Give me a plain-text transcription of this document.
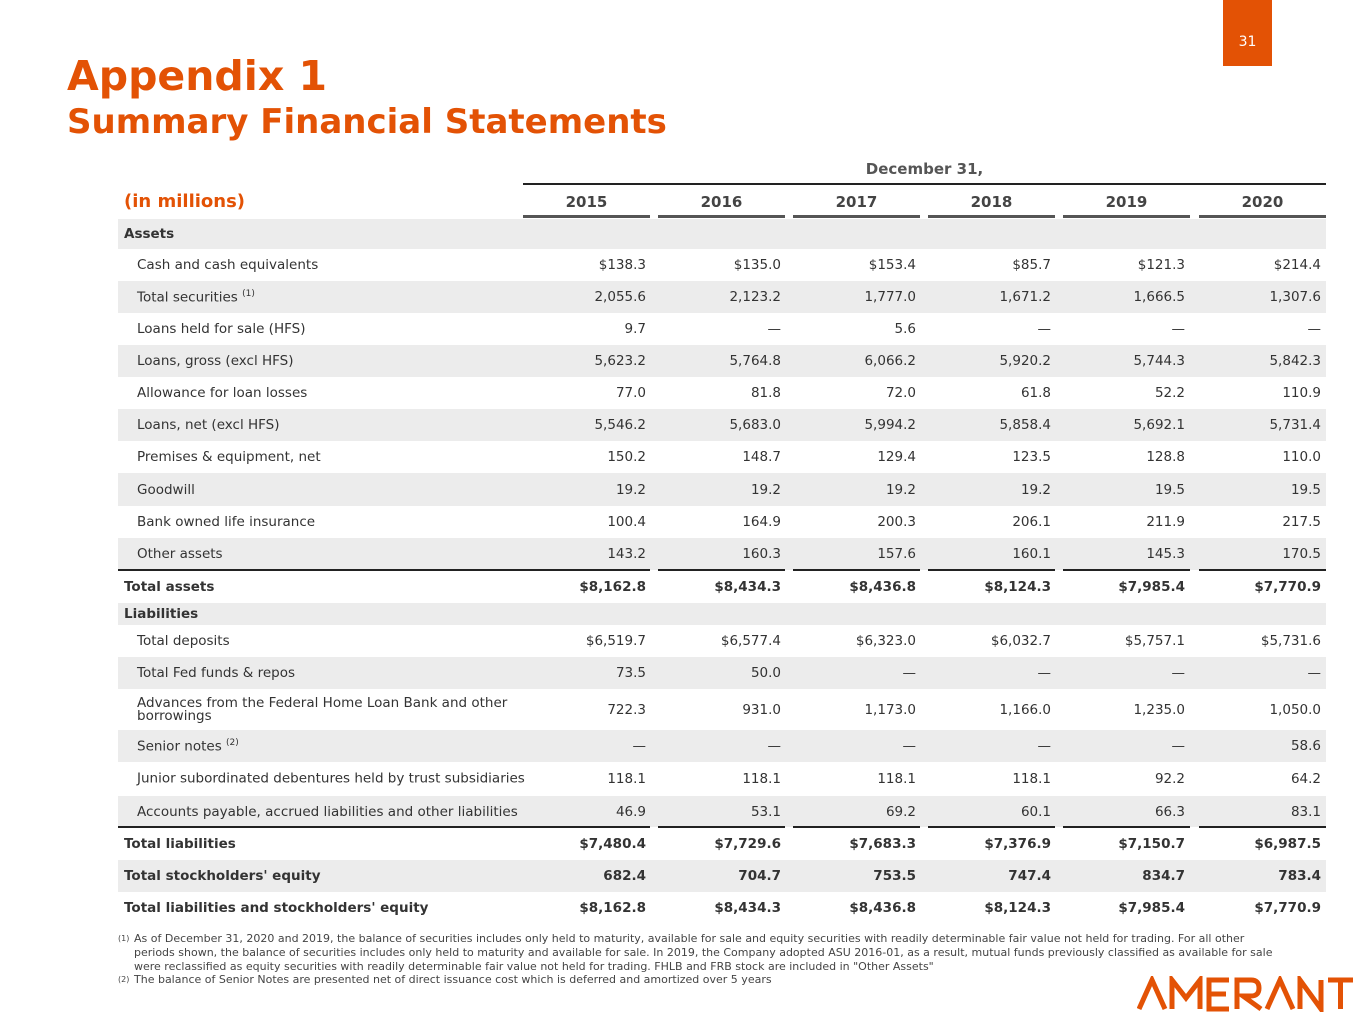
31
Appendix 1
Summary Financial Statements
December 31,
(in millions)	2015	2016	2017	2018	2019	2020
Assets
Cash and cash equivalents	$138.3	$135.0	$153.4	$85.7	$121.3	$214.4
Total securities $^{(1)}$	2,055.6	2,123.2	1,777.0	1,671.2	1,666.5	1,307.6
Loans held for sale (HFS)	9.7	—	5.6	—	—	—
Loans, gross (excl HFS)	5,623.2	5,764.8	6,066.2	5,920.2	5,744.3	5,842.3
Allowance for loan losses	77.0	81.8	72.0	61.8	52.2	110.9
Loans, net (excl HFS)	5,546.2	5,683.0	5,994.2	5,858.4	5,692.1	5,731.4
Premises & equipment, net	150.2	148.7	129.4	123.5	128.8	110.0
Goodwill	19.2	19.2	19.2	19.2	19.5	19.5
Bank owned life insurance	100.4	164.9	200.3	206.1	211.9	217.5
Other assets	143.2	160.3	157.6	160.1	145.3	170.5
Total assets	$8,162.8	$8,434.3	$8,436.8	$8,124.3	$7,985.4	$7,770.9
Liabilities
Total deposits	$6,519.7	$6,577.4	$6,323.0	$6,032.7	$5,757.1	$5,731.6
Total Fed funds & repos	73.5	50.0	—	—	—	—
Advances from the Federal Home Loan Bank and other borrowings	722.3	931.0	1,173.0	1,166.0	1,235.0	1,050.0
Senior notes $^{(2)}$	—	—	—	—	—	58.6
Junior subordinated debentures held by trust subsidiaries	118.1	118.1	118.1	118.1	92.2	64.2
Accounts payable, accrued liabilities and other liabilities	46.9	53.1	69.2	60.1	66.3	83.1
Total liabilities	$7,480.4	$7,729.6	$7,683.3	$7,376.9	$7,150.7	$6,987.5
Total stockholders' equity	682.4	704.7	753.5	747.4	834.7	783.4
Total liabilities and stockholders' equity	$8,162.8	$8,434.3	$8,436.8	$8,124.3	$7,985.4	$7,770.9
$^{(1)}$ As of December 31, 2020 and 2019, the balance of securities includes only held to maturity, available for sale and equity securities with readily determinable fair value not held for trading. For all other periods shown, the balance of securities includes only held to maturity and available for sale. In 2019, the Company adopted ASU 2016-01, as a result, mutual funds previously classified as available for sale were reclassified as equity securities with readily determinable fair value not held for trading. FHLB and FRB stock are included in "Other Assets"
$^{(2)}$ The balance of Senior Notes are presented net of direct issuance cost which is deferred and amortized over 5 years	AMERANT
